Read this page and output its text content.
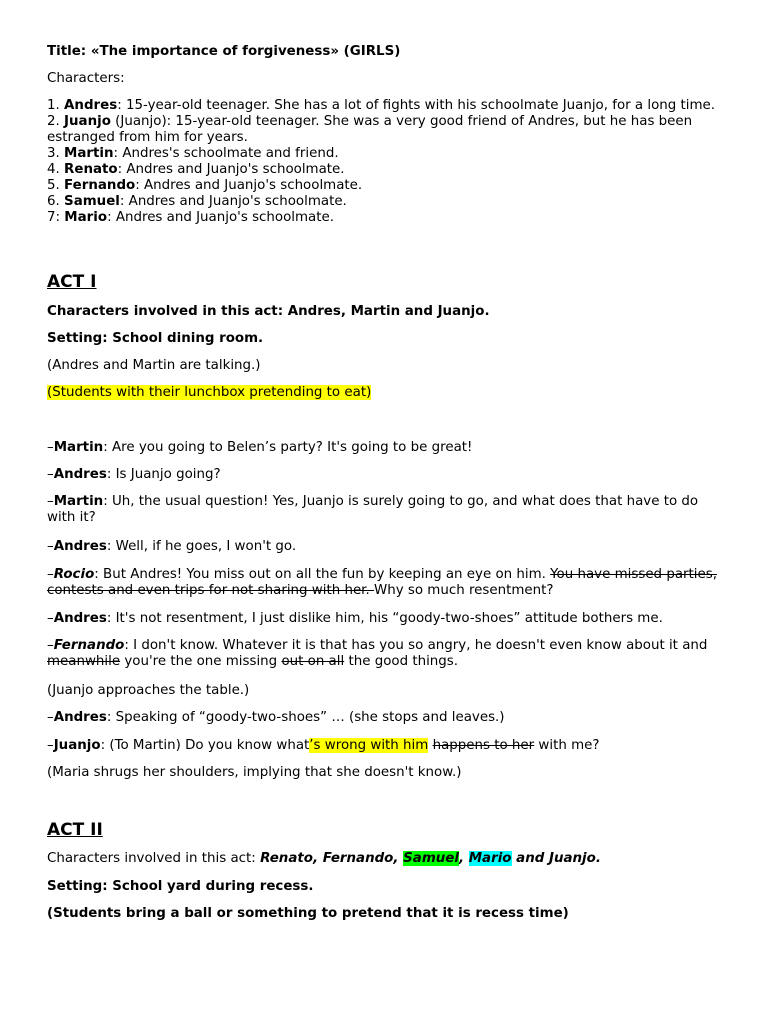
Title: «The importance of forgiveness» (GIRLS)

Characters:

1. Andres: 15-year-old teenager. She has a lot of fights with his schoolmate Juanjo, for a long time.
2. Juanjo (Juanjo): 15-year-old teenager. She was a very good friend of Andres, but he has been estranged from him for years.
3. Martin: Andres's schoolmate and friend.
4. Renato: Andres and Juanjo's schoolmate.
5. Fernando: Andres and Juanjo's schoolmate.
6. Samuel: Andres and Juanjo's schoolmate.
7: Mario: Andres and Juanjo's schoolmate.

ACT I

Characters involved in this act: Andres, Martin and Juanjo.

Setting: School dining room.

(Andres and Martin are talking.)

(Students with their lunchbox pretending to eat)

–Martin: Are you going to Belen’s party? It's going to be great!

–Andres: Is Juanjo going?

–Martin: Uh, the usual question! Yes, Juanjo is surely going to go, and what does that have to do with it?

–Andres: Well, if he goes, I won't go.

–Rocio: But Andres! You miss out on all the fun by keeping an eye on him. You have missed parties, contests and even trips for not sharing with her. Why so much resentment?

–Andres: It's not resentment, I just dislike him, his “goody-two-shoes” attitude bothers me.

–Fernando: I don't know. Whatever it is that has you so angry, he doesn't even know about it and meanwhile you're the one missing out on all the good things.

(Juanjo approaches the table.)

–Andres: Speaking of “goody-two-shoes” … (she stops and leaves.)

–Juanjo: (To Martin) Do you know what’s wrong with him happens to her with me?

(Maria shrugs her shoulders, implying that she doesn't know.)

ACT II

Characters involved in this act: Renato, Fernando, Samuel, Mario and Juanjo.

Setting: School yard during recess.

(Students bring a ball or something to pretend that it is recess time)
